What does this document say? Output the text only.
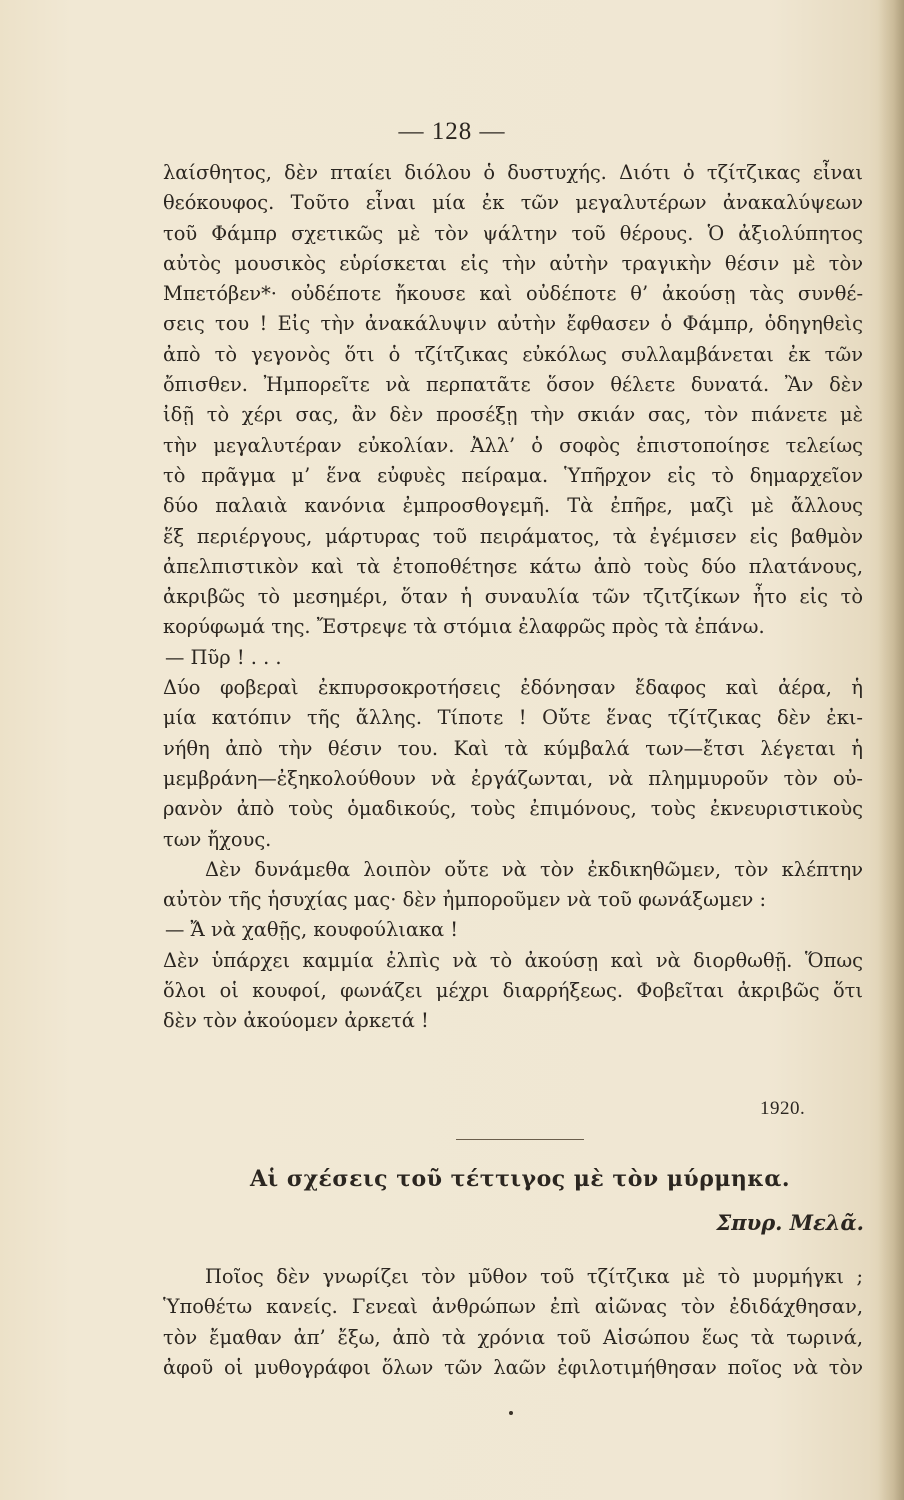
— 128 —
λαίσθητος, δὲν πταίει διόλου ὁ δυστυχής. Διότι ὁ τζίτζικας εἶναι
θεόκουφος. Τοῦτο εἶναι μία ἐκ τῶν μεγαλυτέρων ἀνακαλύψεων
τοῦ Φάμπρ σχετικῶς μὲ τὸν ψάλτην τοῦ θέρους. Ὁ ἀξιολύπητος
αὐτὸς μουσικὸς εὑρίσκεται εἰς τὴν αὐτὴν τραγικὴν θέσιν μὲ τὸν
Μπετόβεν*· οὐδέποτε ἤκουσε καὶ οὐδέποτε θ’ ἀκούσῃ τὰς συνθέ-
σεις του ! Εἰς τὴν ἀνακάλυψιν αὐτὴν ἔφθασεν ὁ Φάμπρ, ὁδηγηθεὶς
ἀπὸ τὸ γεγονὸς ὅτι ὁ τζίτζικας εὐκόλως συλλαμβάνεται ἐκ τῶν
ὄπισθεν. Ἠμπορεῖτε νὰ περπατᾶτε ὅσον θέλετε δυνατά. Ἂν δὲν
ἰδῇ τὸ χέρι σας, ἂν δὲν προσέξῃ τὴν σκιάν σας, τὸν πιάνετε μὲ
τὴν μεγαλυτέραν εὐκολίαν. Ἀλλ’ ὁ σοφὸς ἐπιστοποίησε τελείως
τὸ πρᾶγμα μ’ ἕνα εὐφυὲς πείραμα. Ὑπῆρχον εἰς τὸ δημαρχεῖον
δύο παλαιὰ κανόνια ἐμπροσθογεμῆ. Τὰ ἐπῆρε, μαζὶ μὲ ἄλλους
ἕξ περιέργους, μάρτυρας τοῦ πειράματος, τὰ ἐγέμισεν εἰς βαθμὸν
ἀπελπιστικὸν καὶ τὰ ἐτοποθέτησε κάτω ἀπὸ τοὺς δύο πλατάνους,
ἀκριβῶς τὸ μεσημέρι, ὅταν ἡ συναυλία τῶν τζιτζίκων ἦτο εἰς τὸ
κορύφωμά της. Ἔστρεψε τὰ στόμια ἐλαφρῶς πρὸς τὰ ἐπάνω.
— Πῦρ ! . . .
Δύο φοβεραὶ ἐκπυρσοκροτήσεις ἐδόνησαν ἔδαφος καὶ ἀέρα, ἡ
μία κατόπιν τῆς ἄλλης. Τίποτε ! Οὔτε ἕνας τζίτζικας δὲν ἐκι-
νήθη ἀπὸ τὴν θέσιν του. Καὶ τὰ κύμβαλά των—ἔτσι λέγεται ἡ
μεμβράνη—ἐξηκολούθουν νὰ ἐργάζωνται, νὰ πλημμυροῦν τὸν οὐ-
ρανὸν ἀπὸ τοὺς ὁμαδικούς, τοὺς ἐπιμόνους, τοὺς ἐκνευριστικοὺς
των ἤχους.
Δὲν δυνάμεθα λοιπὸν οὔτε νὰ τὸν ἐκδικηθῶμεν, τὸν κλέπτην
αὐτὸν τῆς ἡσυχίας μας· δὲν ἠμποροῦμεν νὰ τοῦ φωνάξωμεν :
— Ἄ νὰ χαθῇς, κουφούλιακα !
Δὲν ὑπάρχει καμμία ἐλπὶς νὰ τὸ ἀκούσῃ καὶ νὰ διορθωθῇ. Ὅπως
ὅλοι οἱ κουφοί, φωνάζει μέχρι διαρρήξεως. Φοβεῖται ἀκριβῶς ὅτι
δὲν τὸν ἀκούομεν ἀρκετά !
1920.
Αἱ σχέσεις τοῦ τέττιγος μὲ τὸν μύρμηκα.
Σπυρ. Μελᾶ.
Ποῖος δὲν γνωρίζει τὸν μῦθον τοῦ τζίτζικα μὲ τὸ μυρμήγκι ;
Ὑποθέτω κανείς. Γενεαὶ ἀνθρώπων ἐπὶ αἰῶνας τὸν ἐδιδάχθησαν,
τὸν ἔμαθαν ἀπ’ ἔξω, ἀπὸ τὰ χρόνια τοῦ Αἰσώπου ἕως τὰ τωρινά,
ἀφοῦ οἱ μυθογράφοι ὅλων τῶν λαῶν ἐφιλοτιμήθησαν ποῖος νὰ τὸν
